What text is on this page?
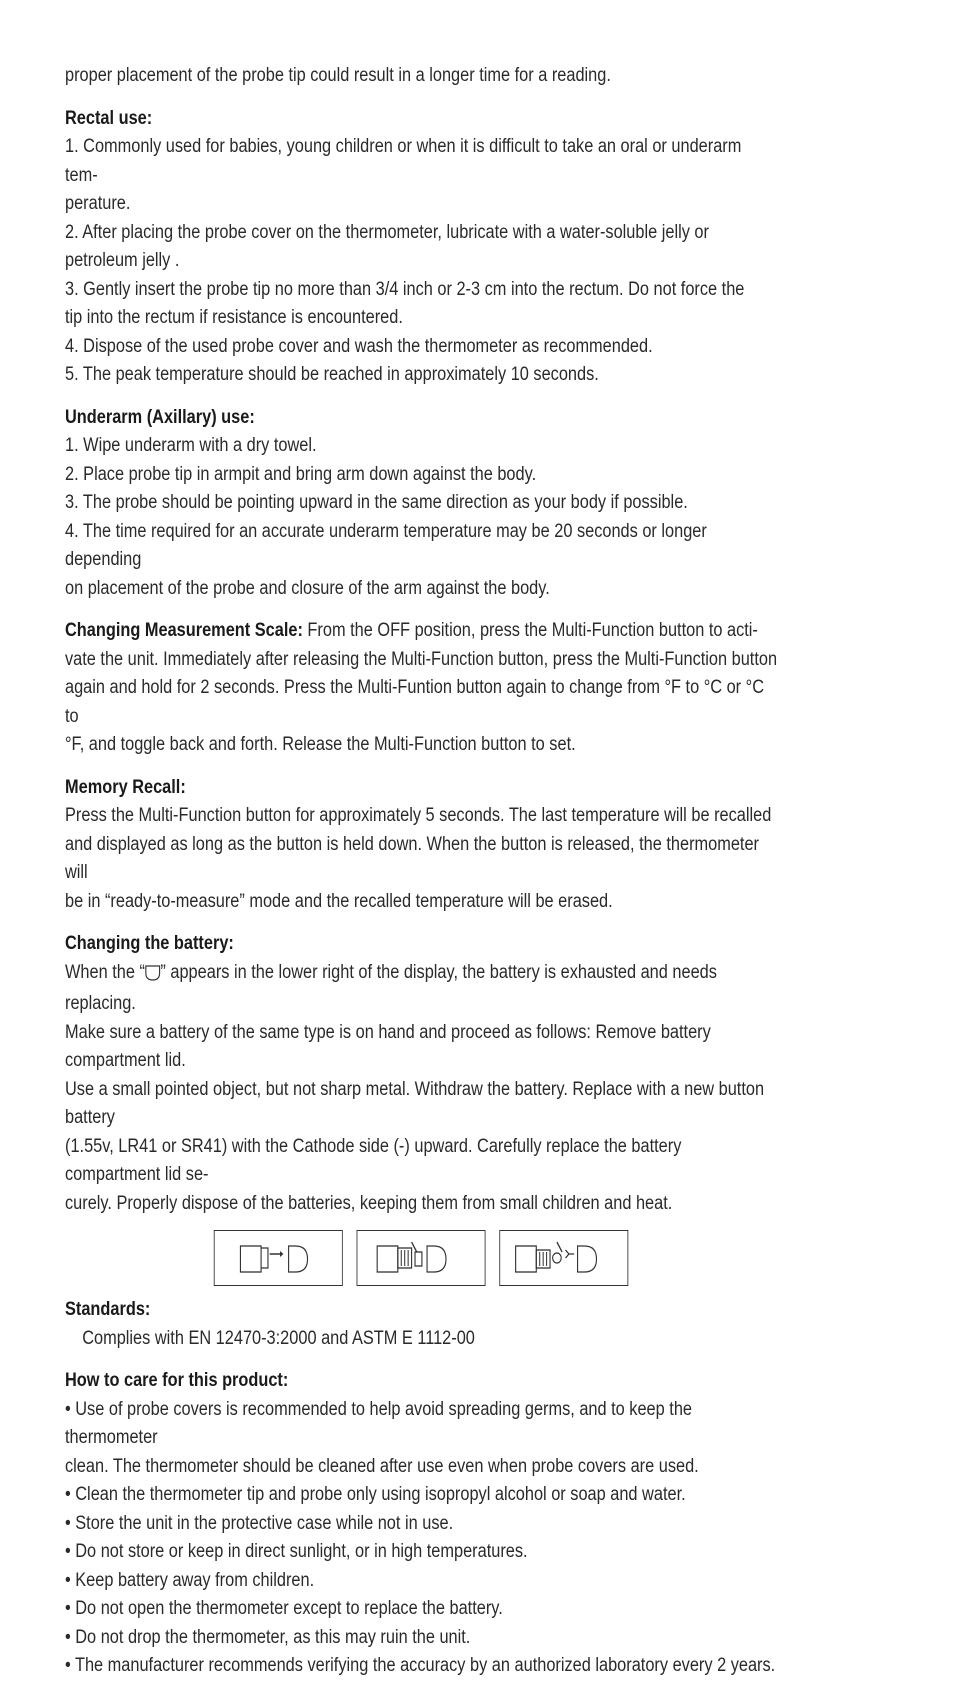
proper placement of the probe tip could result in a longer time for a reading.

Rectal use:

1. Commonly used for babies, young children or when it is difficult to take an oral or underarm tem-

perature.

2. After placing the probe cover on the thermometer, lubricate with a water-soluble jelly or petroleum jelly .

3. Gently insert the probe tip no more than 3/4 inch or 2-3 cm into the rectum. Do not force the

tip into the rectum if resistance is encountered.

4. Dispose of the used probe cover and wash the thermometer as recommended.

5. The peak temperature should be reached in approximately 10 seconds.

Underarm (Axillary) use:

1. Wipe underarm with a dry towel.

2. Place probe tip in armpit and bring arm down against the body.

3. The probe should be pointing upward in the same direction as your body if possible.

4. The time required for an accurate underarm temperature may be 20 seconds or longer depending

on placement of the probe and closure of the arm against the body.

Changing Measurement Scale: From the OFF position, press the Multi-Function button to acti-

vate the unit. Immediately after releasing the Multi-Function button, press the Multi-Function button

again and hold for 2 seconds. Press the Multi-Funtion button again to change from °F to °C or °C to

°F, and toggle back and forth. Release the Multi-Function button to set.

Memory Recall:

Press the Multi-Function button for approximately 5 seconds. The last temperature will be recalled

and displayed as long as the button is held down. When the button is released, the thermometer will

be in “ready-to-measure” mode and the recalled temperature will be erased.

Changing the battery:

When the “ ” appears in the lower right of the display, the battery is exhausted and needs replacing.

Make sure a battery of the same type is on hand and proceed as follows: Remove battery compartment lid.

Use a small pointed object, but not sharp metal. Withdraw the battery. Replace with a new button battery

(1.55v, LR41 or SR41) with the Cathode side (-) upward. Carefully replace the battery compartment lid se-

curely. Properly dispose of the batteries, keeping them from small children and heat.

Standards:

Complies with EN 12470-3:2000 and ASTM E 1112-00

How to care for this product:

• Use of probe covers is recommended to help avoid spreading germs, and to keep the thermometer

clean. The thermometer should be cleaned after use even when probe covers are used.

• Clean the thermometer tip and probe only using isopropyl alcohol or soap and water.

• Store the unit in the protective case while not in use.

• Do not store or keep in direct sunlight, or in high temperatures.

• Keep battery away from children.

• Do not open the thermometer except to replace the battery.

• Do not drop the thermometer, as this may ruin the unit.

• The manufacturer recommends verifying the accuracy by an authorized laboratory every 2 years.
